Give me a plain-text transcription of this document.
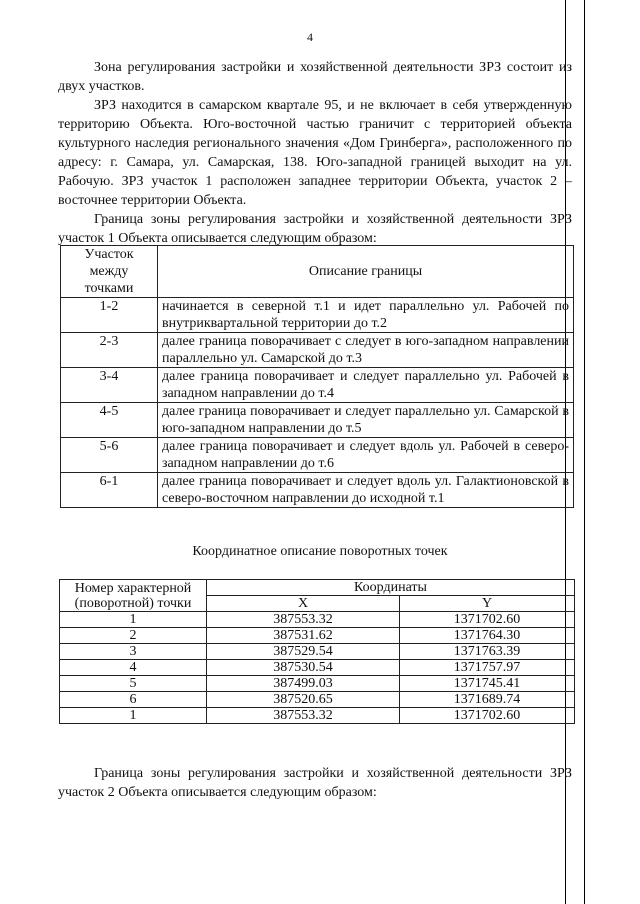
4

Зона регулирования застройки и хозяйственной деятельности ЗРЗ состоит из двух участков.

ЗРЗ находится в самарском квартале 95, и не включает в себя утвержденную территорию Объекта. Юго-восточной частью граничит с территорией объекта культурного наследия регионального значения «Дом Гринберга», расположенного по адресу: г. Самара, ул. Самарская, 138. Юго-западной границей выходит на ул. Рабочую. ЗРЗ участок 1 расположен западнее территории Объекта, участок 2 –восточнее территории Объекта.

Граница зоны регулирования застройки и хозяйственной деятельности ЗРЗ участок 1 Объекта описывается следующим образом:

Участок между точками	Описание границы
1-2	начинается в северной т.1 и идет параллельно ул. Рабочей по внутриквартальной территории до т.2
2-3	далее граница поворачивает с следует в юго-западном направлении параллельно ул. Самарской до т.3
3-4	далее граница поворачивает и следует параллельно ул. Рабочей в западном направлении до т.4
4-5	далее граница поворачивает и следует параллельно ул. Самарской в юго-западном направлении до т.5
5-6	далее граница поворачивает и следует вдоль ул. Рабочей в северо-западном направлении до т.6
6-1	далее граница поворачивает и следует вдоль ул. Галактионовской в северо-восточном направлении до исходной т.1
Координатное описание поворотных точек
Номер характерной (поворотной) точки	Координаты	
	X	Y
1	387553.32	1371702.60
2	387531.62	1371764.30
3	387529.54	1371763.39
4	387530.54	1371757.97
5	387499.03	1371745.41
6	387520.65	1371689.74
1	387553.32	1371702.60

Граница зоны регулирования застройки и хозяйственной деятельности ЗРЗ участок 2 Объекта описывается следующим образом:
